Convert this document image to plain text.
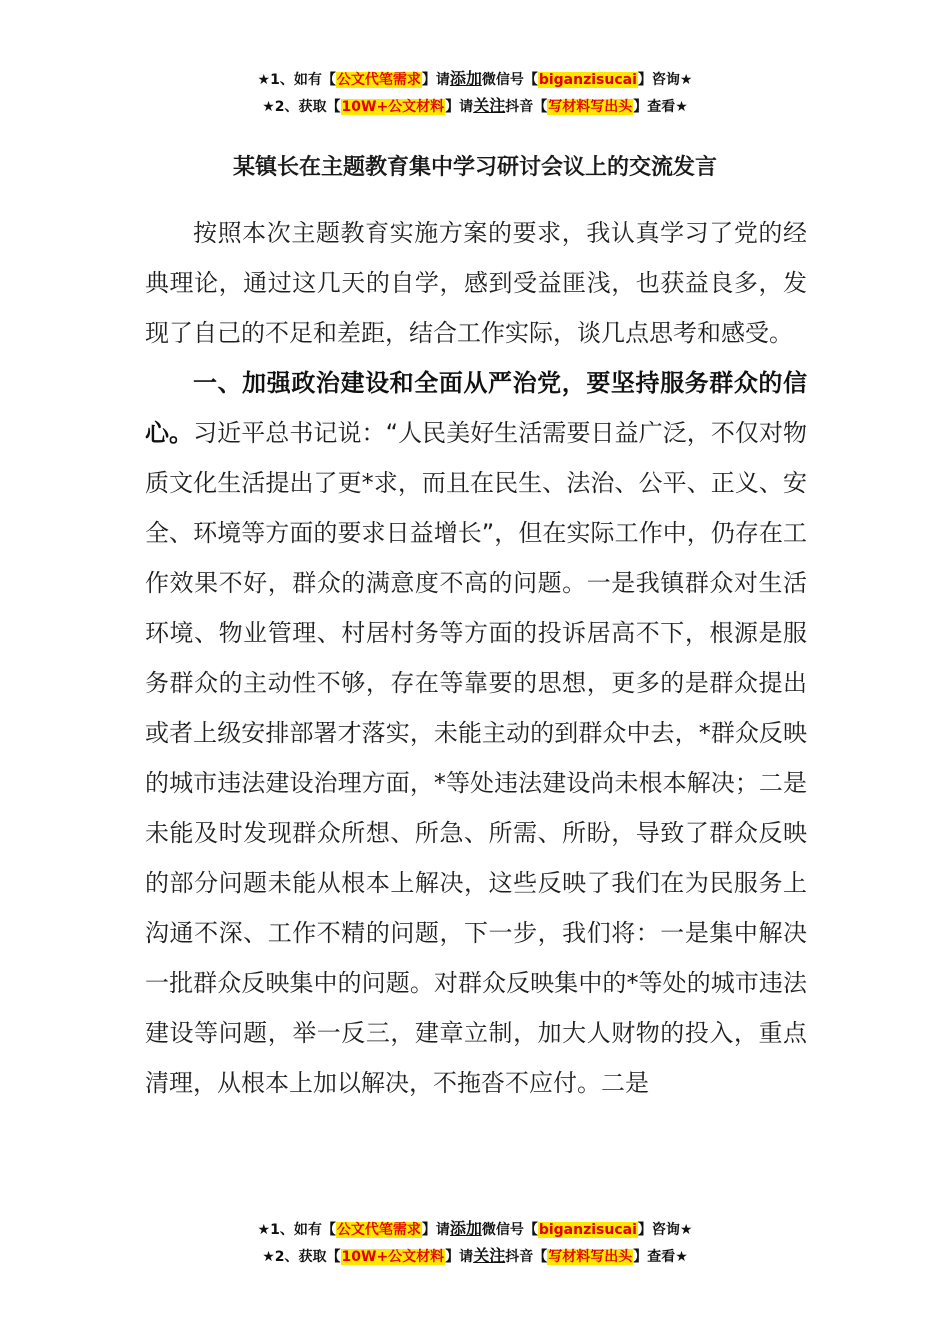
★1、如有【公文代笔需求】请添加微信号【biganzisucai】咨询★
★2、获取【10W+公文材料】请关注抖音【写材料写出头】查看★
某镇长在主题教育集中学习研讨会议上的交流发言

按照本次主题教育实施方案的要求，我认真学习了党的经典理论，通过这几天的自学，感到受益匪浅，也获益良多，发现了自己的不足和差距，结合工作实际，谈几点思考和感受。

一、加强政治建设和全面从严治党，要坚持服务群众的信心。习近平总书记说：“人民美好生活需要日益广泛，不仅对物质文化生活提出了更*求，而且在民生、法治、公平、正义、安全、环境等方面的要求日益增长”，但在实际工作中，仍存在工作效果不好，群众的满意度不高的问题。一是我镇群众对生活环境、物业管理、村居村务等方面的投诉居高不下，根源是服务群众的主动性不够，存在等靠要的思想，更多的是群众提出或者上级安排部署才落实，未能主动的到群众中去，*群众反映的城市违法建设治理方面，*等处违法建设尚未根本解决；二是未能及时发现群众所想、所急、所需、所盼，导致了群众反映的部分问题未能从根本上解决，这些反映了我们在为民服务上沟通不深、工作不精的问题，下一步，我们将：一是集中解决一批群众反映集中的问题。对群众反映集中的*等处的城市违法建设等问题，举一反三，建章立制，加大人财物的投入，重点清理，从根本上加以解决，不拖沓不应付。二是

★1、如有【公文代笔需求】请添加微信号【biganzisucai】咨询★
★2、获取【10W+公文材料】请关注抖音【写材料写出头】查看★
